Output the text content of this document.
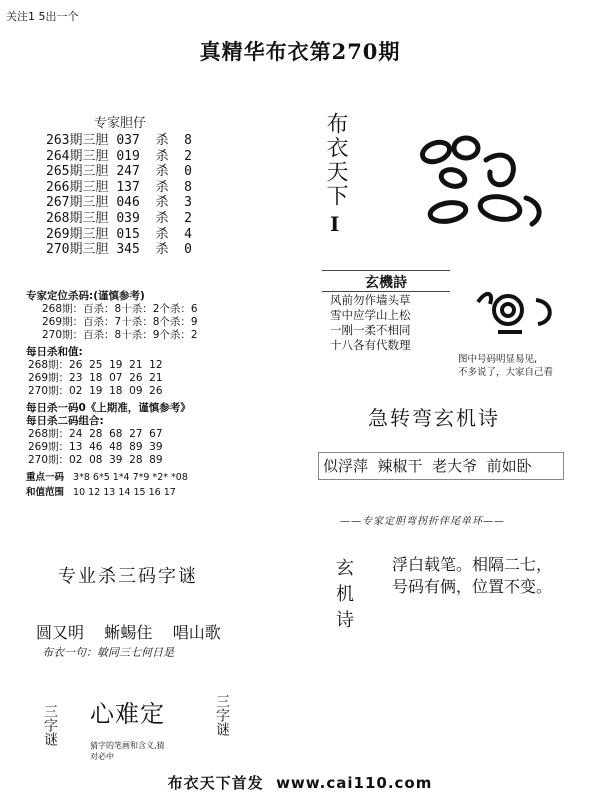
关注1 5出一个
真精华布衣第270期
专家胆仔
263期三胆 037 杀 8
264期三胆 019 杀 2
265期三胆 247 杀 0
266期三胆 137 杀 8
267期三胆 046 杀 3
268期三胆 039 杀 2
269期三胆 015 杀 4
270期三胆 345 杀 0
专家定位杀码:(谨慎参考)
268期：百杀：8十杀：2个杀：6
269期：百杀：7十杀：8个杀：9
270期：百杀：8十杀：9个杀：2
每日杀和值:
268期：26  25  19  21  12
269期：23  18  07  26  21
270期：02  19  18  09  26
每日杀一码0《上期准，谨慎参考》
每日杀二码组合:
268期：24  28  68  27  67
269期：13  46  48  89  39
270期：02  08  39  28  89
重点一码 3*8 6*5 1*4 7*9 *2* *08
和值范围 10 12 13 14 15 16 17
布衣天下
I
玄機詩
风前勿作墙头草
雪中应学山上松
一刚一柔不相同
十八各有代数理
图中号码明显易见,
不多说了，大家自己看
急转弯玄机诗
似浮萍  辣椒干  老大爷  前如卧
——专家定胆弯拐折伴尾单环——
玄机诗 浮白载笔。相隔二七，
号码有俩，位置不变。
专业杀三码字谜
圆又明    蜥蜴住    唱山歌
布衣一句：敏同三七何日是
三字谜 心难定
猜字的笔画和含义,猜
对必中
三字谜
布衣天下首发  www.cai110.com
